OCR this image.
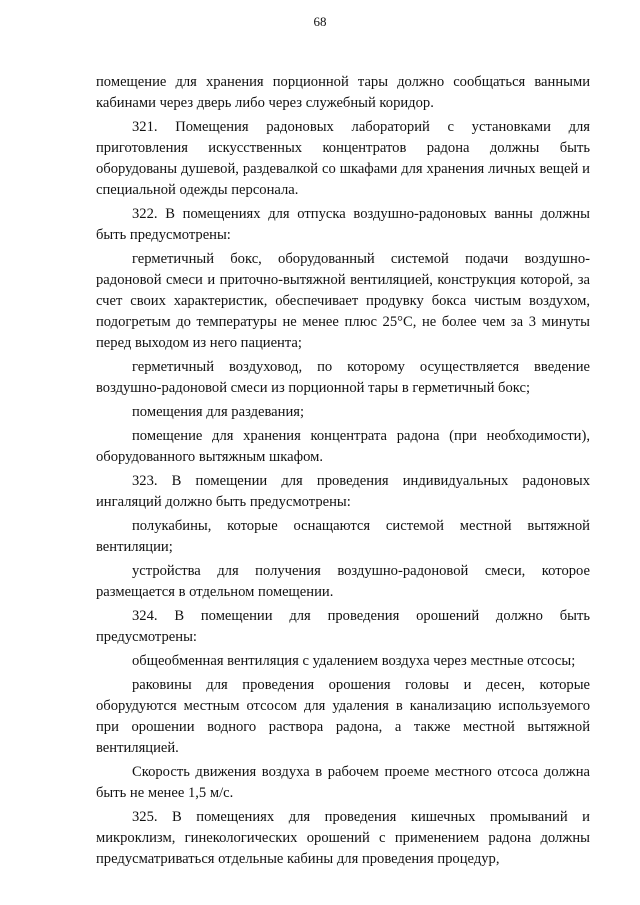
68

помещение для хранения порционной тары должно сообщаться ванными кабинами через дверь либо через служебный коридор.

321. Помещения радоновых лабораторий с установками для приготовления искусственных концентратов радона должны быть оборудованы душевой, раздевалкой со шкафами для хранения личных вещей и специальной одежды персонала.

322. В помещениях для отпуска воздушно-радоновых ванны должны быть предусмотрены:

герметичный бокс, оборудованный системой подачи воздушно-радоновой смеси и приточно-вытяжной вентиляцией, конструкция которой, за счет своих характеристик, обеспечивает продувку бокса чистым воздухом, подогретым до температуры не менее плюс 25°С, не более чем за 3 минуты перед выходом из него пациента;

герметичный воздуховод, по которому осуществляется введение воздушно-радоновой смеси из порционной тары в герметичный бокс;

помещения для раздевания;

помещение для хранения концентрата радона (при необходимости), оборудованного вытяжным шкафом.

323. В помещении для проведения индивидуальных радоновых ингаляций должно быть предусмотрены:

полукабины, которые оснащаются системой местной вытяжной вентиляции;

устройства для получения воздушно-радоновой смеси, которое размещается в отдельном помещении.

324. В помещении для проведения орошений должно быть предусмотрены:

общеобменная вентиляция с удалением воздуха через местные отсосы;

раковины для проведения орошения головы и десен, которые оборудуются местным отсосом для удаления в канализацию используемого при орошении водного раствора радона, а также местной вытяжной вентиляцией.

Скорость движения воздуха в рабочем проеме местного отсоса должна быть не менее 1,5 м/с.

325. В помещениях для проведения кишечных промываний и микроклизм, гинекологических орошений с применением радона должны предусматриваться отдельные кабины для проведения процедур,
